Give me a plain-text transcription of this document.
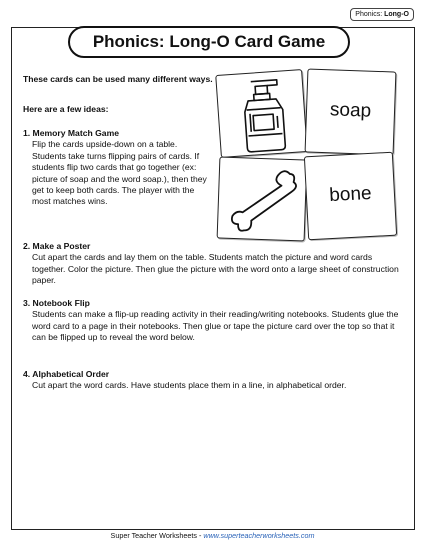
Phonics: Long-O
Phonics: Long-O Card Game
These cards can be used many different ways.
Here are a few ideas:
1. Memory Match Game

Flip the cards upside-down on a table. Students take turns flipping pairs of cards. If students flip two cards that go together (ex: picture of soap and the word soap.), then they get to keep both cards. The player with the most matches wins.

soap
bone
2. Make a Poster

Cut apart the cards and lay them on the table. Students match the picture and word cards together. Color the picture. Then glue the picture with the word onto a large sheet of construction paper.

3. Notebook Flip

Students can make a flip-up reading activity in their reading/writing notebooks. Students glue the word card to a page in their notebooks. Then glue or tape the picture card over the top so that it can be flipped up to reveal the word below.

4. Alphabetical Order

Cut apart the word cards. Have students place them in a line, in alphabetical order.

Super Teacher Worksheets - www.superteacherworksheets.com
